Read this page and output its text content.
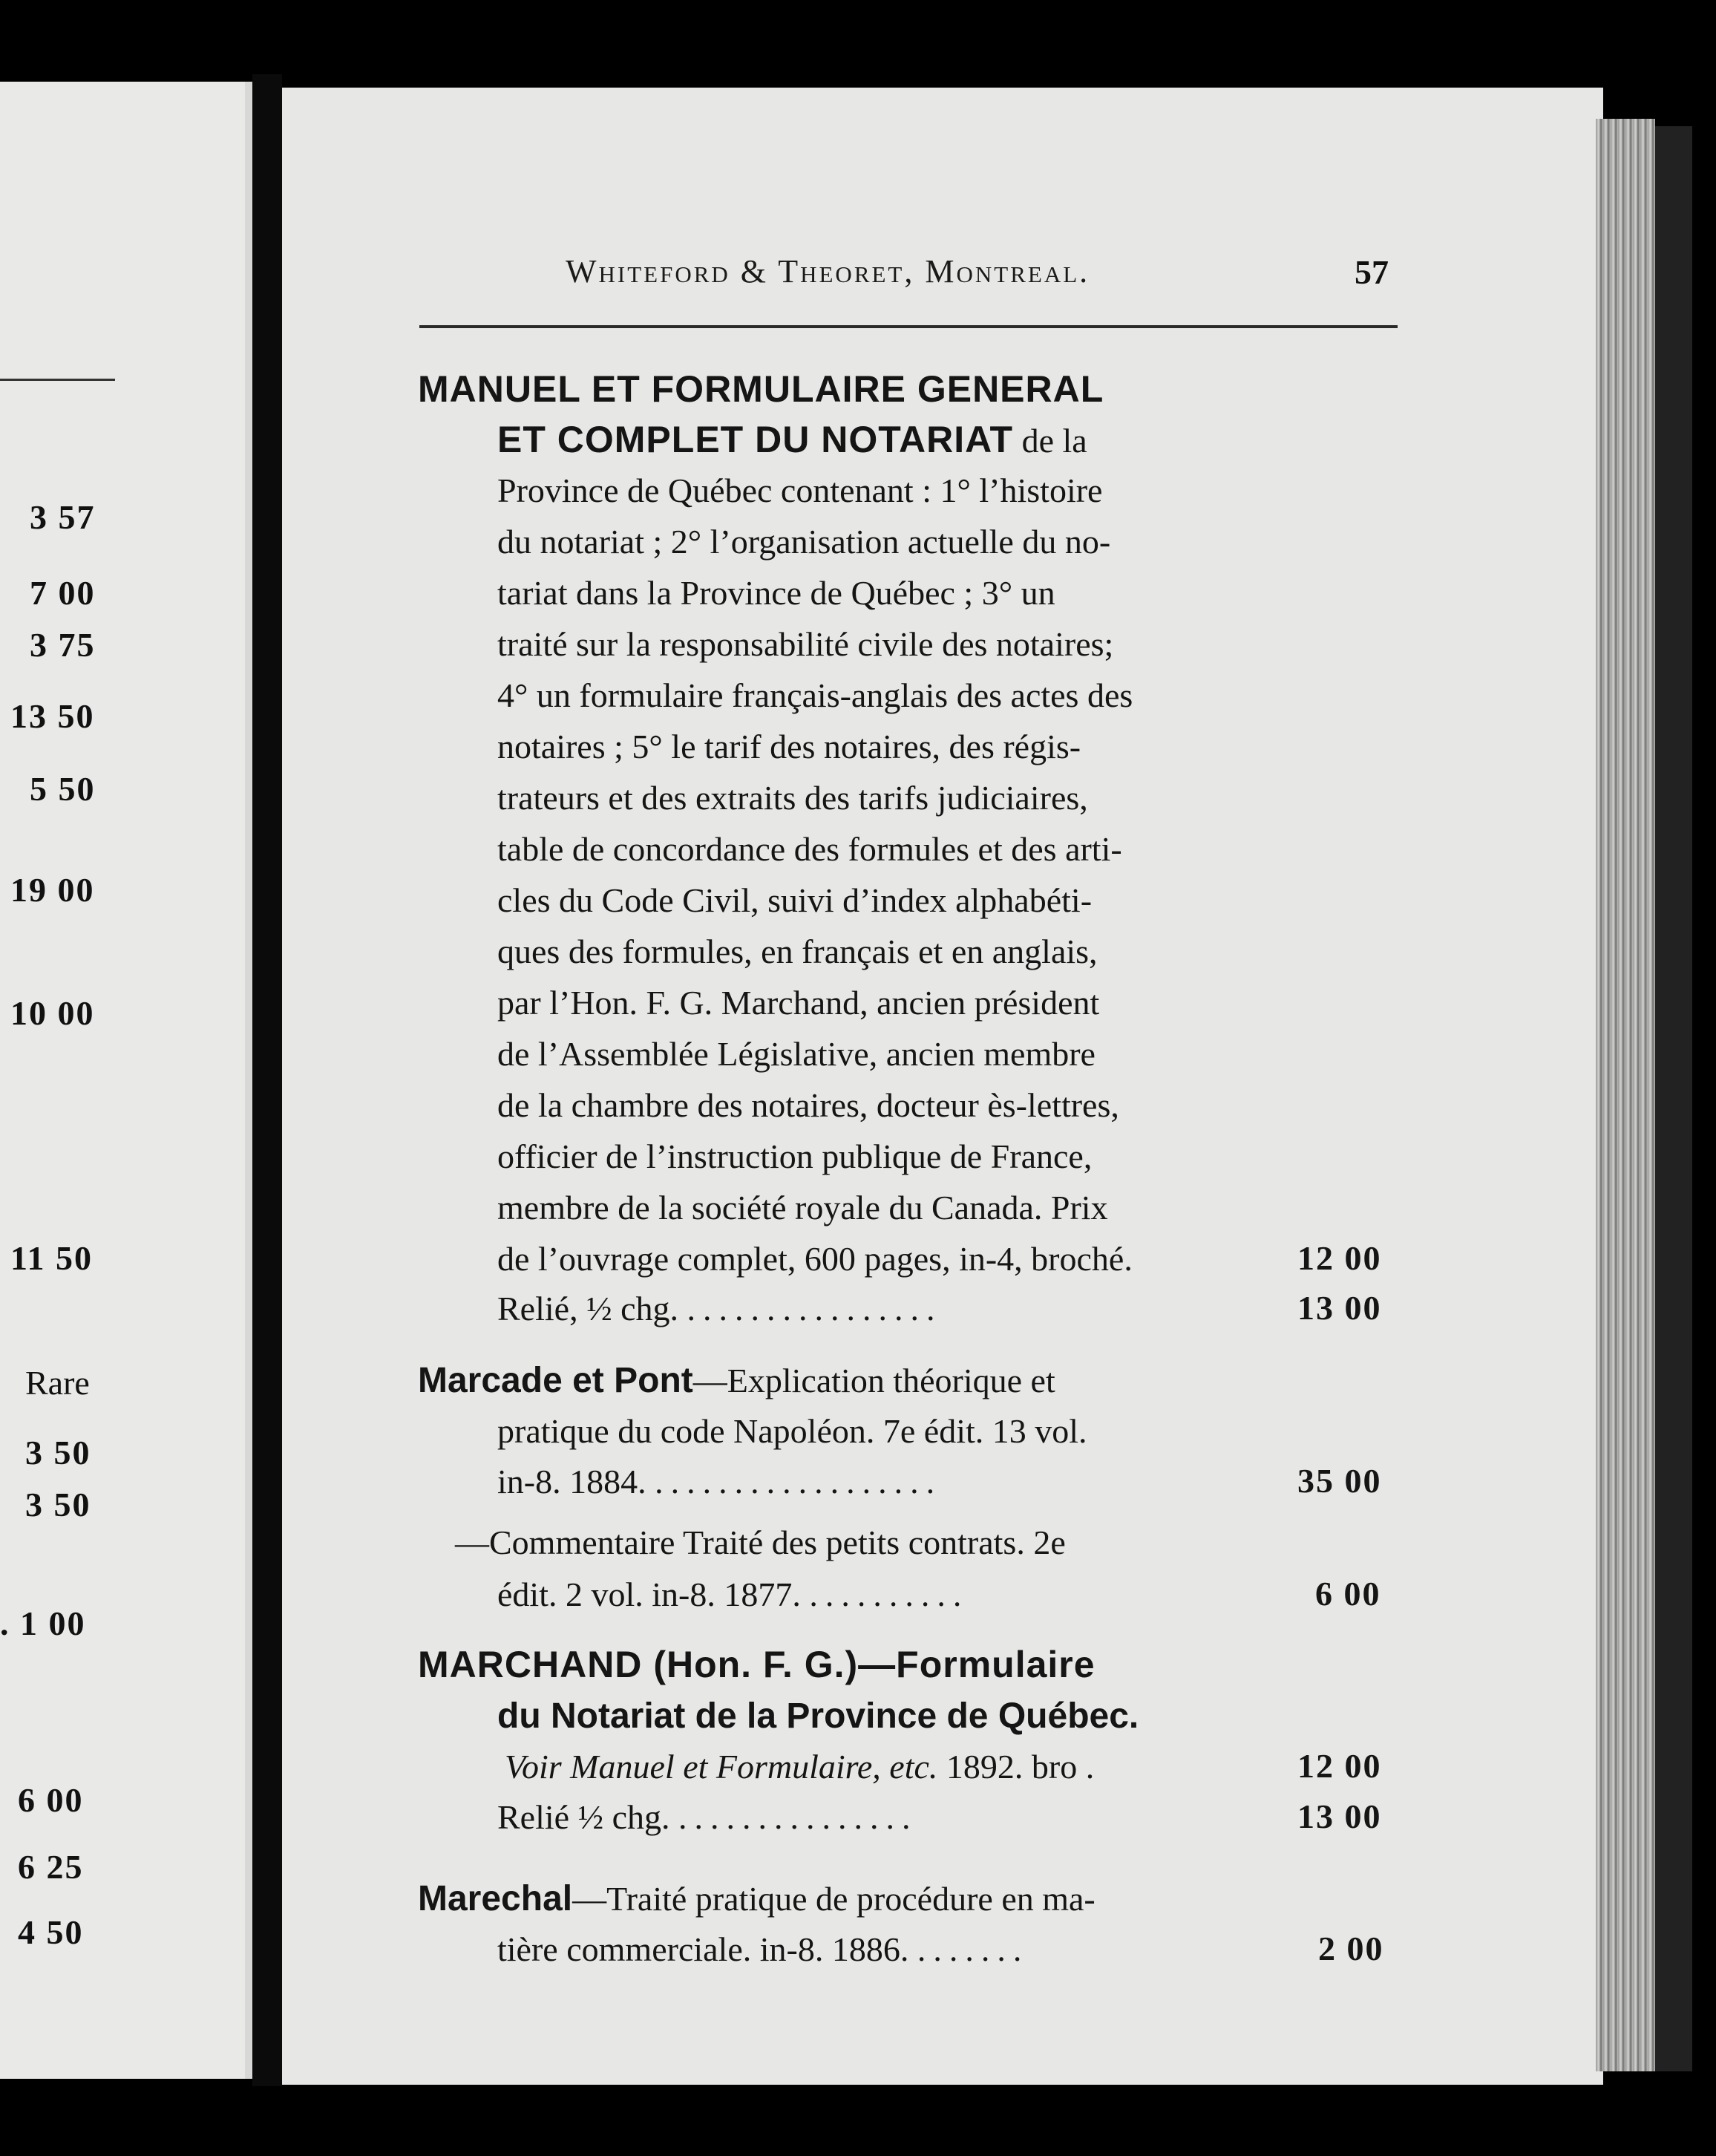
3 57
7 00
3 75
13 50
5 50
19 00
10 00
11 50
Rare
3 50
3 50
. 1 00
6 00
6 25
4 50
Whiteford & Theoret, Montreal.	57
MANUEL ET FORMULAIRE GENERAL
ET COMPLET DU NOTARIAT de la
Province de Québec contenant : 1° l’histoire
du notariat ; 2° l’organisation actuelle du no-
tariat dans la Province de Québec ; 3° un
traité sur la responsabilité civile des notaires;
4° un formulaire français-anglais des actes des
notaires ; 5° le tarif des notaires, des régis-
trateurs et des extraits des tarifs judiciaires,
table de concordance des formules et des arti-
cles du Code Civil, suivi d’index alphabéti-
ques des formules, en français et en anglais,
par l’Hon. F. G. Marchand, ancien président
de l’Assemblée Législative, ancien membre
de la chambre des notaires, docteur ès-lettres,
officier de l’instruction publique de France,
membre de la société royale du Canada. Prix
de l’ouvrage complet, 600 pages, in-4, broché.	12 00
Relié, ½ chg. ................	13 00
Marcade et Pont—Explication théorique et
pratique du code Napoléon. 7e édit. 13 vol.
in-8. 1884. ..................	35 00
—Commentaire Traité des petits contrats. 2e
édit. 2 vol. in-8. 1877. ..........	6 00
MARCHAND (Hon. F. G.)—Formulaire
du Notariat de la Province de Québec.
Voir Manuel et Formulaire, etc. 1892. bro .	12 00
Relié ½ chg. ...............	13 00
Marechal—Traité pratique de procédure en ma-
tière commerciale. in-8. 1886. .......	2 00
